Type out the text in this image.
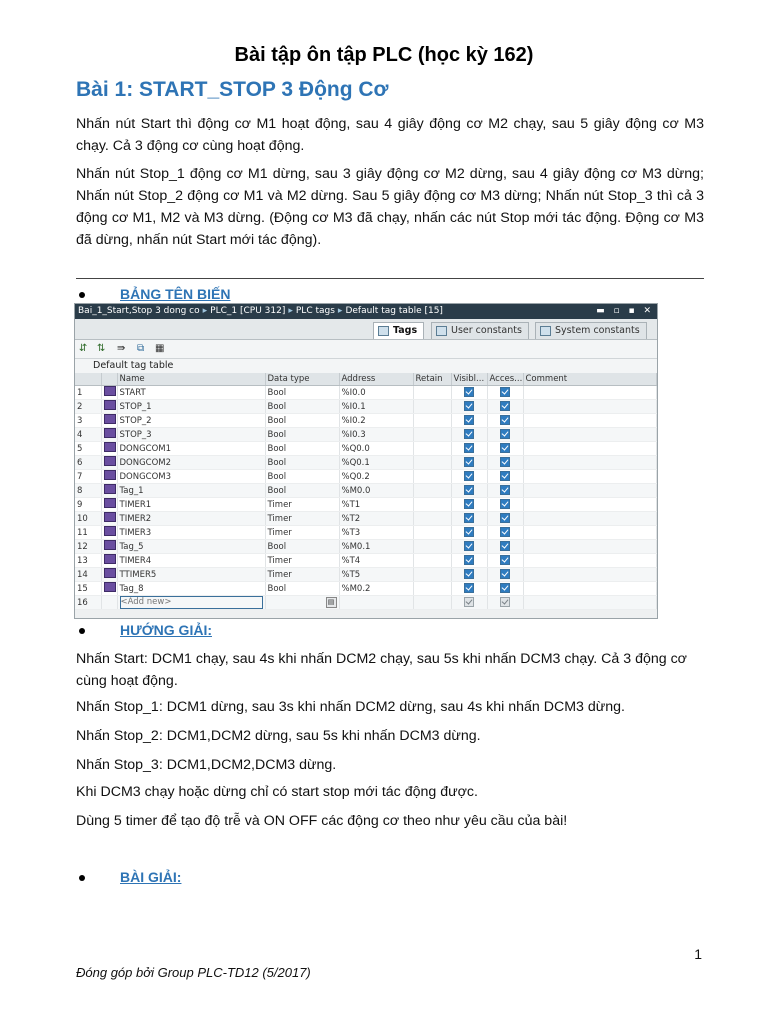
Bài tập ôn tập PLC (học kỳ 162)
Bài 1: START_STOP 3 Động Cơ
Nhấn nút Start thì động cơ M1 hoạt động, sau 4 giây động cơ M2 chạy, sau 5 giây động cơ M3 chạy. Cả 3 động cơ cùng hoạt động.
Nhấn nút Stop_1 động cơ M1 dừng, sau 3 giây động cơ M2 dừng, sau 4 giây động cơ M3 dừng; Nhấn nút Stop_2 động cơ M1 và M2 dừng. Sau 5 giây động cơ M3 dừng; Nhấn nút Stop_3 thì cả 3 động cơ M1, M2 và M3 dừng. (Động cơ M3 đã chạy, nhấn các nút Stop mới tác động. Động cơ M3 đã dừng, nhấn nút Start mới tác động).
BẢNG TÊN BIẾN
Bai_1_Start,Stop 3 dong co ▸ PLC_1 [CPU 312] ▸ PLC tags ▸ Default tag table [15]	▬ ▫ ▪ ✕
Tags	User constants	System constants
⇵ ⇅ ⇛ ⧉ ▦
Default tag table
		Name	Data type	Address	Retain	Visibl...	Acces...	Comment
1		START	Bool	%I0.0				
2		STOP_1	Bool	%I0.1				
3		STOP_2	Bool	%I0.2				
4		STOP_3	Bool	%I0.3				
5		DONGCOM1	Bool	%Q0.0				
6		DONGCOM2	Bool	%Q0.1				
7		DONGCOM3	Bool	%Q0.2				
8		Tag_1	Bool	%M0.0				
9		TIMER1	Timer	%T1				
10		TIMER2	Timer	%T2				
11		TIMER3	Timer	%T3				
12		Tag_5	Bool	%M0.1				
13		TIMER4	Timer	%T4				
14		TTIMER5	Timer	%T5				
15		Tag_8	Bool	%M0.2				
16		<Add new>	▤					
HƯỚNG GIẢI:
Nhấn Start: DCM1 chạy, sau 4s khi nhấn DCM2 chạy, sau 5s khi nhấn DCM3 chạy. Cả 3 động cơ cùng hoạt động.
Nhấn Stop_1: DCM1 dừng, sau 3s khi nhấn DCM2 dừng, sau 4s khi nhấn DCM3 dừng.
Nhấn Stop_2: DCM1,DCM2 dừng, sau 5s khi nhấn DCM3 dừng.
Nhấn Stop_3: DCM1,DCM2,DCM3 dừng.
Khi DCM3 chạy hoặc dừng chỉ có start stop mới tác động được.
Dùng 5 timer để tạo độ trễ và ON OFF các động cơ theo như yêu cầu của bài!
BÀI GIẢI:
1
Đóng góp bởi Group PLC-TD12 (5/2017)
